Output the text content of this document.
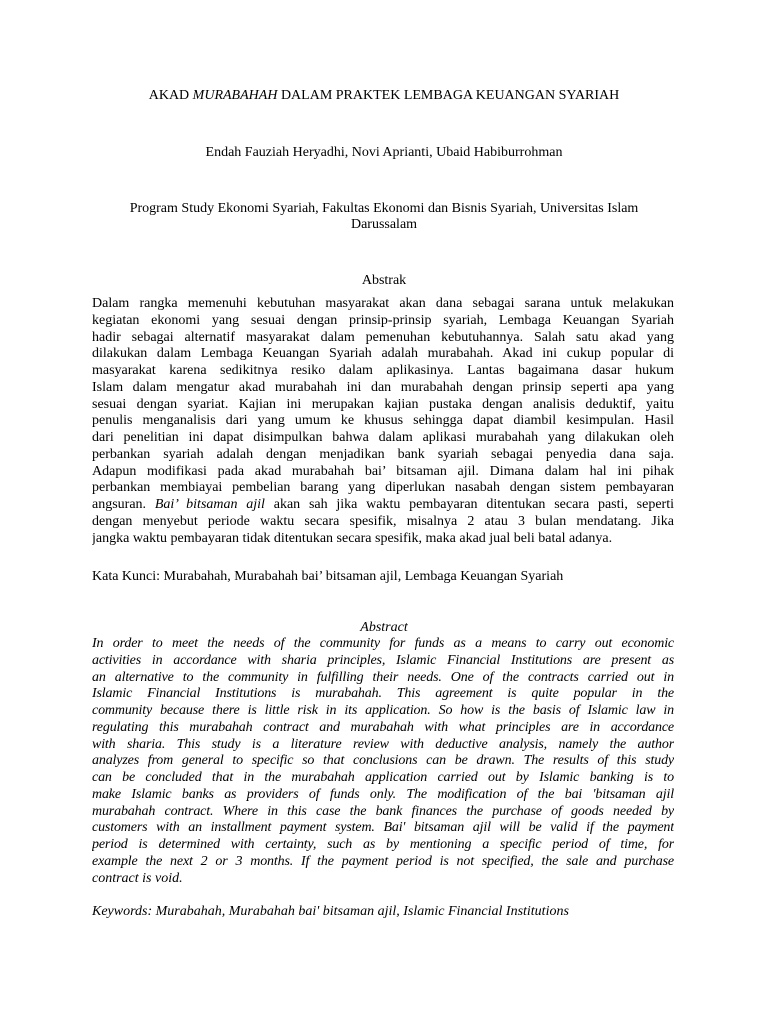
AKAD MURABAHAH DALAM PRAKTEK LEMBAGA KEUANGAN SYARIAH
Endah Fauziah Heryadhi, Novi Aprianti, Ubaid Habiburrohman
Program Study Ekonomi Syariah, Fakultas Ekonomi dan Bisnis Syariah, Universitas Islam
Darussalam
Abstrak
Dalam rangka memenuhi kebutuhan masyarakat akan dana sebagai sarana untuk melakukan
kegiatan ekonomi yang sesuai dengan prinsip-prinsip syariah, Lembaga Keuangan Syariah
hadir sebagai alternatif masyarakat dalam pemenuhan kebutuhannya. Salah satu akad yang
dilakukan dalam Lembaga Keuangan Syariah adalah murabahah. Akad ini cukup popular di
masyarakat karena sedikitnya resiko dalam aplikasinya. Lantas bagaimana dasar hukum
Islam dalam mengatur akad murabahah ini dan murabahah dengan prinsip seperti apa yang
sesuai dengan syariat. Kajian ini merupakan kajian pustaka dengan analisis deduktif, yaitu
penulis menganalisis dari yang umum ke khusus sehingga dapat diambil kesimpulan. Hasil
dari penelitian ini dapat disimpulkan bahwa dalam aplikasi murabahah yang dilakukan oleh
perbankan syariah adalah dengan menjadikan bank syariah sebagai penyedia dana saja.
Adapun modifikasi pada akad murabahah bai’ bitsaman ajil. Dimana dalam hal ini pihak
perbankan membiayai pembelian barang yang diperlukan nasabah dengan sistem pembayaran
angsuran. Bai’ bitsaman ajil akan sah jika waktu pembayaran ditentukan secara pasti, seperti
dengan menyebut periode waktu secara spesifik, misalnya 2 atau 3 bulan mendatang. Jika
jangka waktu pembayaran tidak ditentukan secara spesifik, maka akad jual beli batal adanya.
Kata Kunci: Murabahah, Murabahah bai’ bitsaman ajil, Lembaga Keuangan Syariah
Abstract
In order to meet the needs of the community for funds as a means to carry out economic
activities in accordance with sharia principles, Islamic Financial Institutions are present as
an alternative to the community in fulfilling their needs. One of the contracts carried out in
Islamic Financial Institutions is murabahah. This agreement is quite popular in the
community because there is little risk in its application. So how is the basis of Islamic law in
regulating this murabahah contract and murabahah with what principles are in accordance
with sharia. This study is a literature review with deductive analysis, namely the author
analyzes from general to specific so that conclusions can be drawn. The results of this study
can be concluded that in the murabahah application carried out by Islamic banking is to
make Islamic banks as providers of funds only. The modification of the bai 'bitsaman ajil
murabahah contract. Where in this case the bank finances the purchase of goods needed by
customers with an installment payment system. Bai' bitsaman ajil will be valid if the payment
period is determined with certainty, such as by mentioning a specific period of time, for
example the next 2 or 3 months. If the payment period is not specified, the sale and purchase
contract is void.
Keywords: Murabahah, Murabahah bai' bitsaman ajil, Islamic Financial Institutions
